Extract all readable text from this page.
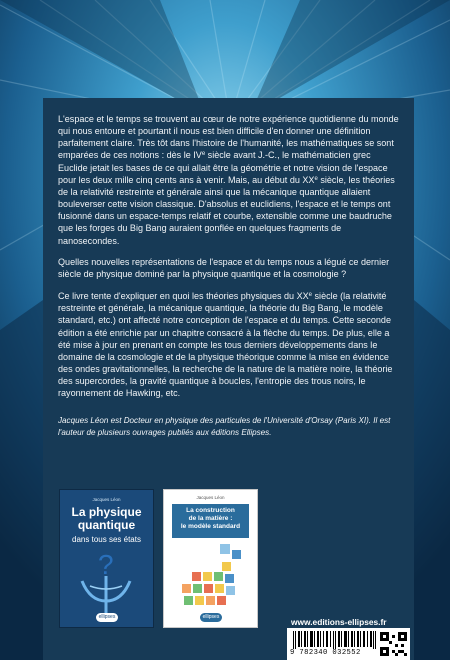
L'espace et le temps se trouvent au cœur de notre expérience quotidienne du monde qui nous entoure et pourtant il nous est bien difficile d'en donner une définition parfaitement claire. Très tôt dans l'histoire de l'humanité, les mathématiques se sont emparées de ces notions : dès le IVe siècle avant J.-C., le mathématicien grec Euclide jetait les bases de ce qui allait être la géométrie et notre vision de l'espace pour les deux mille cinq cents ans à venir. Mais, au début du XXe siècle, les théories de la relativité restreinte et générale ainsi que la mécanique quantique allaient bouleverser cette vision classique. D'absolus et euclidiens, l'espace et le temps ont fusionné dans un espace-temps relatif et courbe, extensible comme une baudruche que les forges du Big Bang auraient gonflée en quelques fragments de nanosecondes.

Quelles nouvelles représentations de l'espace et du temps nous a légué ce dernier siècle de physique dominé par la physique quantique et la cosmologie ?

Ce livre tente d'expliquer en quoi les théories physiques du XXe siècle (la relativité restreinte et générale, la mécanique quantique, la théorie du Big Bang, le modèle standard, etc.) ont affecté notre conception de l'espace et du temps. Cette seconde édition a été enrichie par un chapitre consacré à la flèche du temps. De plus, elle a été mise à jour en prenant en compte les tous derniers développements dans le domaine de la cosmologie et de la physique théorique comme la mise en évidence des ondes gravitationnelles, la recherche de la nature de la matière noire, la théorie des supercordes, la gravité quantique à boucles, l'entropie des trous noirs, le rayonnement de Hawking, etc.

Jacques Léon est Docteur en physique des particules de l'Université d'Orsay (Paris XI). Il est l'auteur de plusieurs ouvrages publiés aux éditions Ellipses.

Jacques Léon
La physique
quantique
dans tous ses états
?
ellipses
Jacques Léon
La construction
de la matière :
le modèle standard
ellipses	www.editions-ellipses.fr
9 782340 032552
